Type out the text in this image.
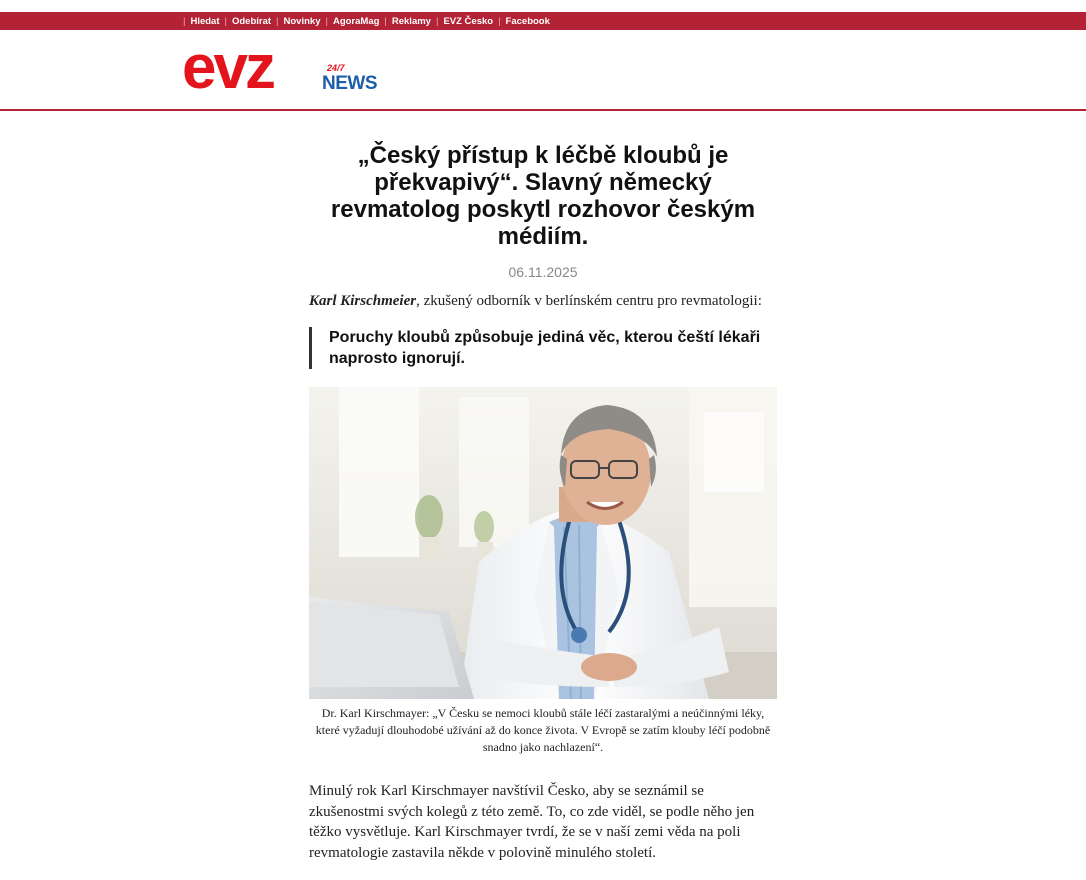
| Hledat | Odebírat | Novinky | AgoraMag | Reklamy | EVZ Česko | Facebook
evz	24/7
NEWS
„Český přístup k léčbě kloubů je překvapivý“. Slavný německý revmatolog poskytl rozhovor českým médiím.
06.11.2025
Karl Kirschmeier, zkušený odborník v berlínském centru pro revmatologii:
Poruchy kloubů způsobuje jediná věc, kterou čeští lékaři naprosto ignorují.
Dr. Karl Kirschmayer: „V Česku se nemoci kloubů stále léčí zastaralými a neúčinnými léky, které vyžadují dlouhodobé užívání až do konce života. V Evropě se zatím klouby léčí podobně snadno jako nachlazení“.
Minulý rok Karl Kirschmayer navštívil Česko, aby se seznámil se zkušenostmi svých kolegů z této země. To, co zde viděl, se podle něho jen těžko vysvětluje. Karl Kirschmayer tvrdí, že se v naší zemi věda na poli revmatologie zastavila někde v polovině minulého století.
